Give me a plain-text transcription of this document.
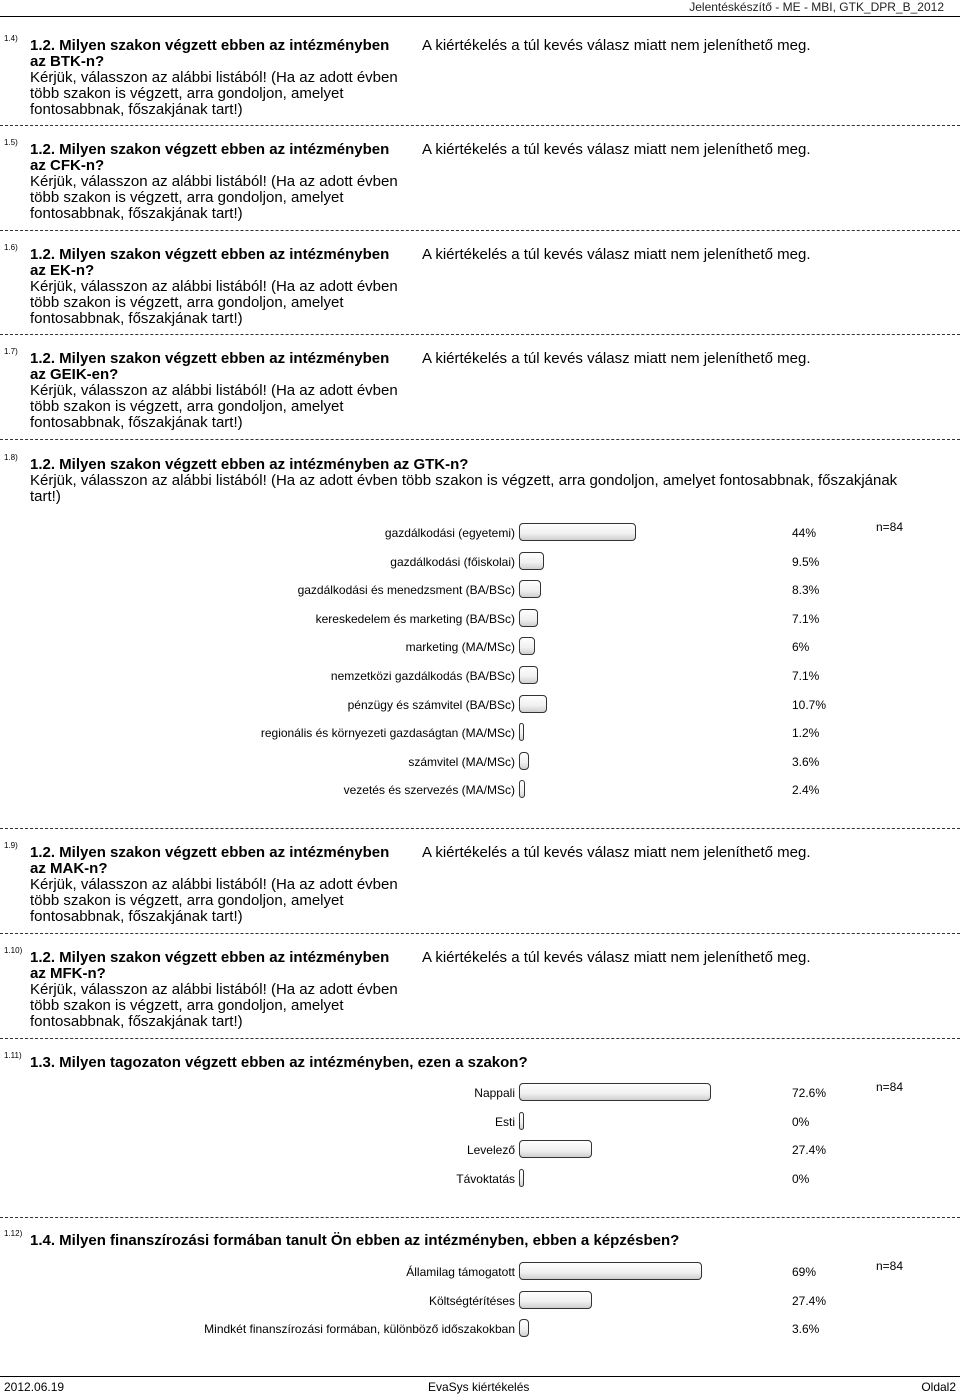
Jelentéskészítő - ME - MBI, GTK_DPR_B_2012
1.4) 1.2. Milyen szakon végzett ebben az intézményben az BTK-n?
Kérjük, válasszon az alábbi listából! (Ha az adott évben több szakon is végzett, arra gondoljon, amelyet fontosabbnak, főszakjának tart!)
A kiértékelés a túl kevés válasz miatt nem jeleníthető meg.
1.5) 1.2. Milyen szakon végzett ebben az intézményben az CFK-n?
Kérjük, válasszon az alábbi listából! (Ha az adott évben több szakon is végzett, arra gondoljon, amelyet fontosabbnak, főszakjának tart!)
A kiértékelés a túl kevés válasz miatt nem jeleníthető meg.
1.6) 1.2. Milyen szakon végzett ebben az intézményben az EK-n?
Kérjük, válasszon az alábbi listából! (Ha az adott évben több szakon is végzett, arra gondoljon, amelyet fontosabbnak, főszakjának tart!)
A kiértékelés a túl kevés válasz miatt nem jeleníthető meg.
1.7) 1.2. Milyen szakon végzett ebben az intézményben az GEIK-en?
Kérjük, válasszon az alábbi listából! (Ha az adott évben több szakon is végzett, arra gondoljon, amelyet fontosabbnak, főszakjának tart!)
A kiértékelés a túl kevés válasz miatt nem jeleníthető meg.
1.8) 1.2. Milyen szakon végzett ebben az intézményben az GTK-n?
Kérjük, válasszon az alábbi listából! (Ha az adott évben több szakon is végzett, arra gondoljon, amelyet fontosabbnak, főszakjának tart!)
n=84
gazdálkodási (egyetemi)	44%
gazdálkodási (főiskolai)	9.5%
gazdálkodási és menedzsment (BA/BSc)	8.3%
kereskedelem és marketing (BA/BSc)	7.1%
marketing (MA/MSc)	6%
nemzetközi gazdálkodás (BA/BSc)	7.1%
pénzügy és számvitel (BA/BSc)	10.7%
regionális és környezeti gazdaságtan (MA/MSc)	1.2%
számvitel (MA/MSc)	3.6%
vezetés és szervezés (MA/MSc)	2.4%
1.9) 1.2. Milyen szakon végzett ebben az intézményben az MAK-n?
Kérjük, válasszon az alábbi listából! (Ha az adott évben több szakon is végzett, arra gondoljon, amelyet fontosabbnak, főszakjának tart!)
A kiértékelés a túl kevés válasz miatt nem jeleníthető meg.
1.10) 1.2. Milyen szakon végzett ebben az intézményben az MFK-n?
Kérjük, válasszon az alábbi listából! (Ha az adott évben több szakon is végzett, arra gondoljon, amelyet fontosabbnak, főszakjának tart!)
A kiértékelés a túl kevés válasz miatt nem jeleníthető meg.
1.11) 1.3. Milyen tagozaton végzett ebben az intézményben, ezen a szakon?
n=84
Nappali	72.6%
Esti	0%
Levelező	27.4%
Távoktatás	0%
1.12) 1.4. Milyen finanszírozási formában tanult Ön ebben az intézményben, ebben a képzésben?
n=84
Államilag támogatott	69%
Költségtérítéses	27.4%
Mindkét finanszírozási formában, különböző időszakokban	3.6%
2012.06.19	EvaSys kiértékelés	Oldal2
